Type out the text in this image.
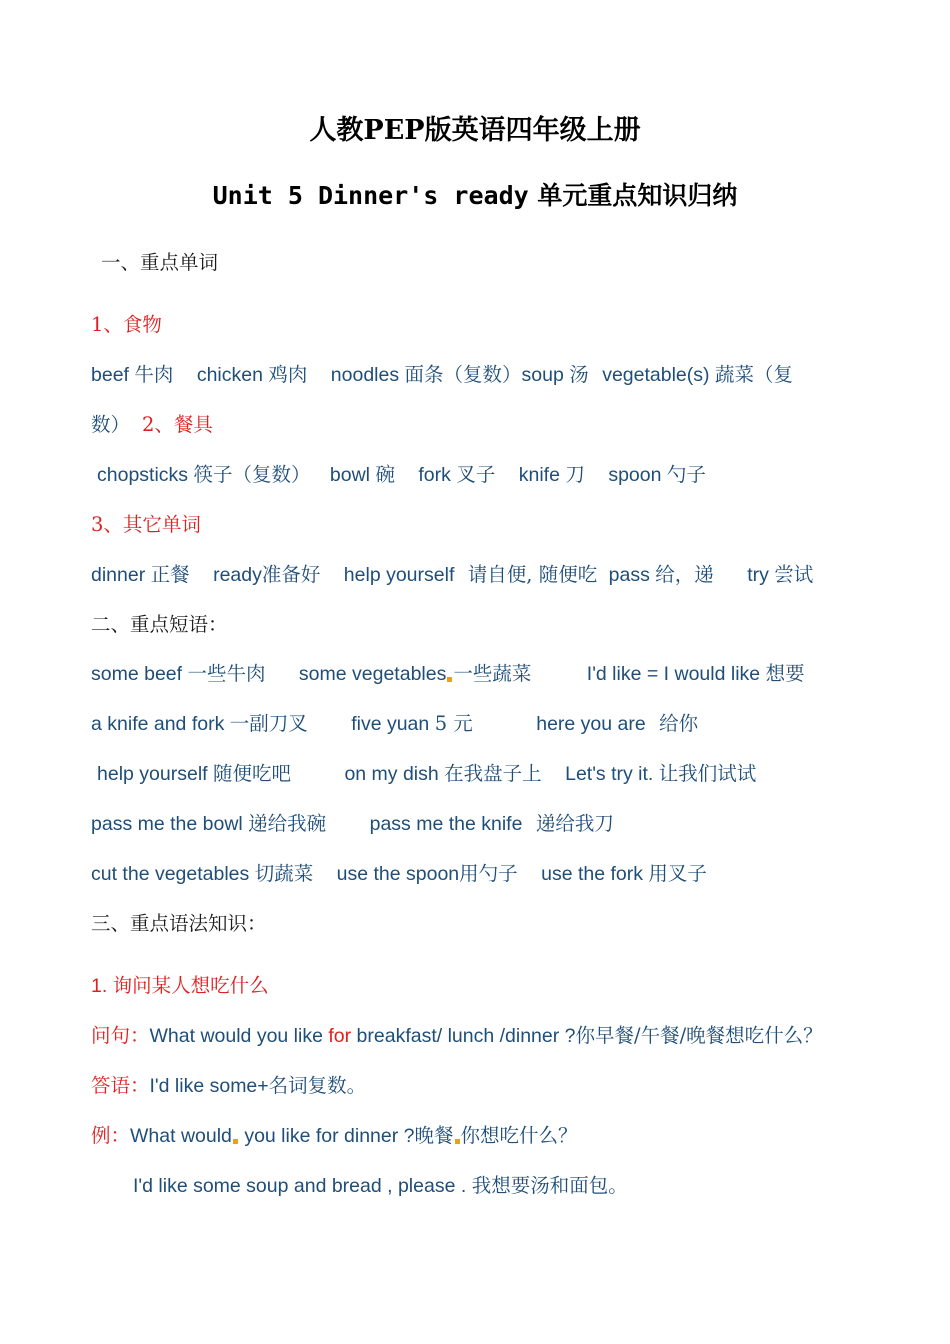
人教PEP版英语四年级上册
Unit 5 Dinner's ready 单元重点知识归纳
一、重点单词
1、食物
beef 牛肉 chicken 鸡肉 noodles 面条（复数）soup 汤 vegetable(s) 蔬菜（复
数） 2、餐具
chopsticks 筷子（复数） bowl 碗 fork 叉子 knife 刀 spoon 勺子
3、其它单词
dinner 正餐 ready准备好 help yourself 请自便, 随便吃 pass 给，递 try 尝试
二、重点短语：
some beef 一些牛肉 some vegetables 一些蔬菜	I'd like = I would like 想要
a knife and fork 一副刀叉 five yuan 5 元	here you are 给你
help yourself 随便吃吧	on my dish 在我盘子上 Let's try it. 让我们试试
pass me the bowl 递给我碗 pass me the knife 递给我刀
cut the vegetables 切蔬菜 use the spoon用勺子 use the fork 用叉子
三、重点语法知识：
1. 询问某人想吃什么
问句：What would you like for breakfast/ lunch /dinner ?你早餐/午餐/晚餐想吃什么？
答语：I'd like some+名词复数。
例：What would you like for dinner ?晚餐 你想吃什么？
I'd like some soup and bread , please . 我想要汤和面包。
